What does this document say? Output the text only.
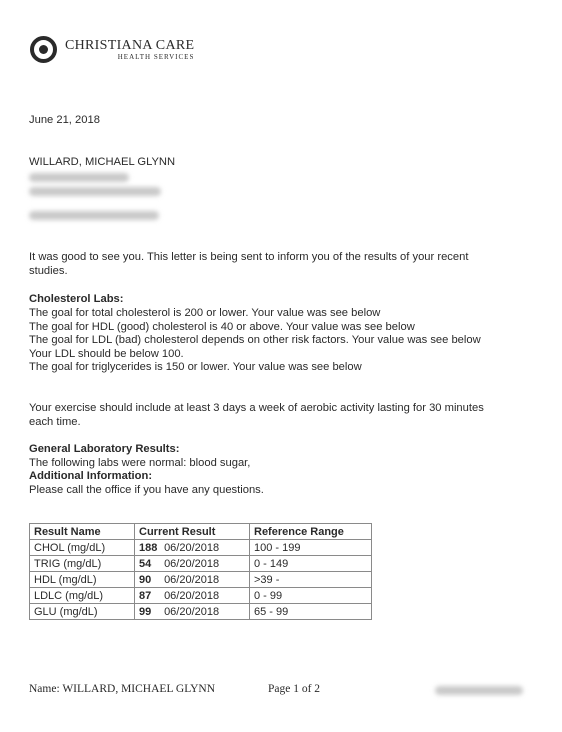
CHRISTIANA CARE
HEALTH SERVICES
June 21, 2018
WILLARD, MICHAEL GLYNN
It was good to see you. This letter is being sent to inform you of the results of your recent
studies.
Cholesterol Labs:
The goal for total cholesterol is 200 or lower. Your value was see below
The goal for HDL (good) cholesterol is 40 or above. Your value was see below
The goal for LDL (bad) cholesterol depends on other risk factors. Your value was see below
Your LDL should be below 100.
The goal for triglycerides is 150 or lower. Your value was see below
Your exercise should include at least 3 days a week of aerobic activity lasting for 30 minutes
each time.
General Laboratory Results:
The following labs were normal: blood sugar,
Additional Information:
Please call the office if you have any questions.
Result Name	Current Result	Reference Range
CHOL (mg/dL)	188 06/20/2018	100 - 199
TRIG (mg/dL)	54 06/20/2018	0 - 149
HDL (mg/dL)	90 06/20/2018	>39 -
LDLC (mg/dL)	87 06/20/2018	0 - 99
GLU (mg/dL)	99 06/20/2018	65 - 99
Name: WILLARD, MICHAEL GLYNN	Page 1 of 2
